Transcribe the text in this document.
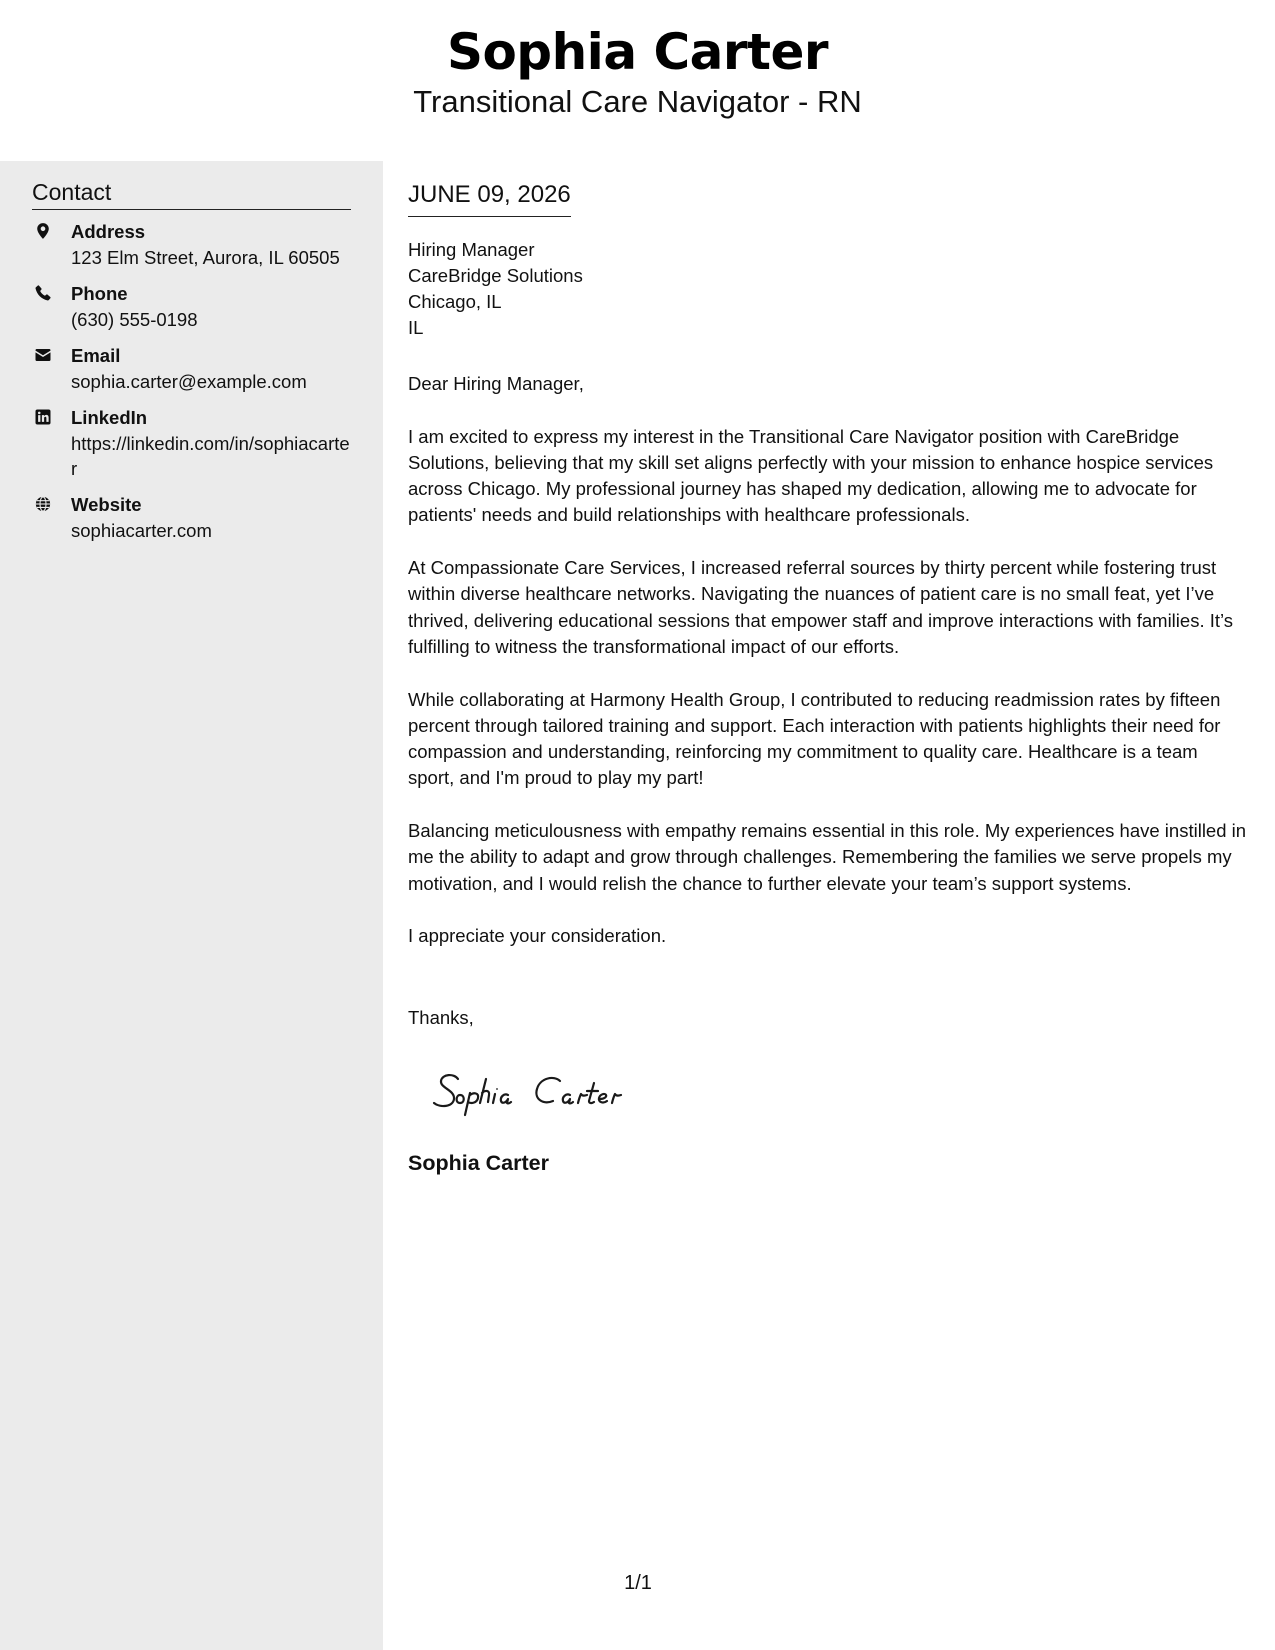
Sophia Carter
Transitional Care Navigator - RN
Contact
Address
123 Elm Street, Aurora, IL 60505
Phone
(630) 555-0198
Email
sophia.carter@example.com
LinkedIn
https://linkedin.com/in/sophiacarter
Website
sophiacarter.com
JUNE 09, 2026
Hiring Manager
CareBridge Solutions
Chicago, IL
IL

Dear Hiring Manager,

I am excited to express my interest in the Transitional Care Navigator position with CareBridge Solutions, believing that my skill set aligns perfectly with your mission to enhance hospice services across Chicago. My professional journey has shaped my dedication, allowing me to advocate for patients' needs and build relationships with healthcare professionals.

At Compassionate Care Services, I increased referral sources by thirty percent while fostering trust within diverse healthcare networks. Navigating the nuances of patient care is no small feat, yet I’ve thrived, delivering educational sessions that empower staff and improve interactions with families. It’s fulfilling to witness the transformational impact of our efforts.

While collaborating at Harmony Health Group, I contributed to reducing readmission rates by fifteen percent through tailored training and support. Each interaction with patients highlights their need for compassion and understanding, reinforcing my commitment to quality care. Healthcare is a team sport, and I'm proud to play my part!

Balancing meticulousness with empathy remains essential in this role. My experiences have instilled in me the ability to adapt and grow through challenges. Remembering the families we serve propels my motivation, and I would relish the chance to further elevate your team’s support systems.

I appreciate your consideration.

Thanks,
Sophia Carter
Sophia Carter
1/1
